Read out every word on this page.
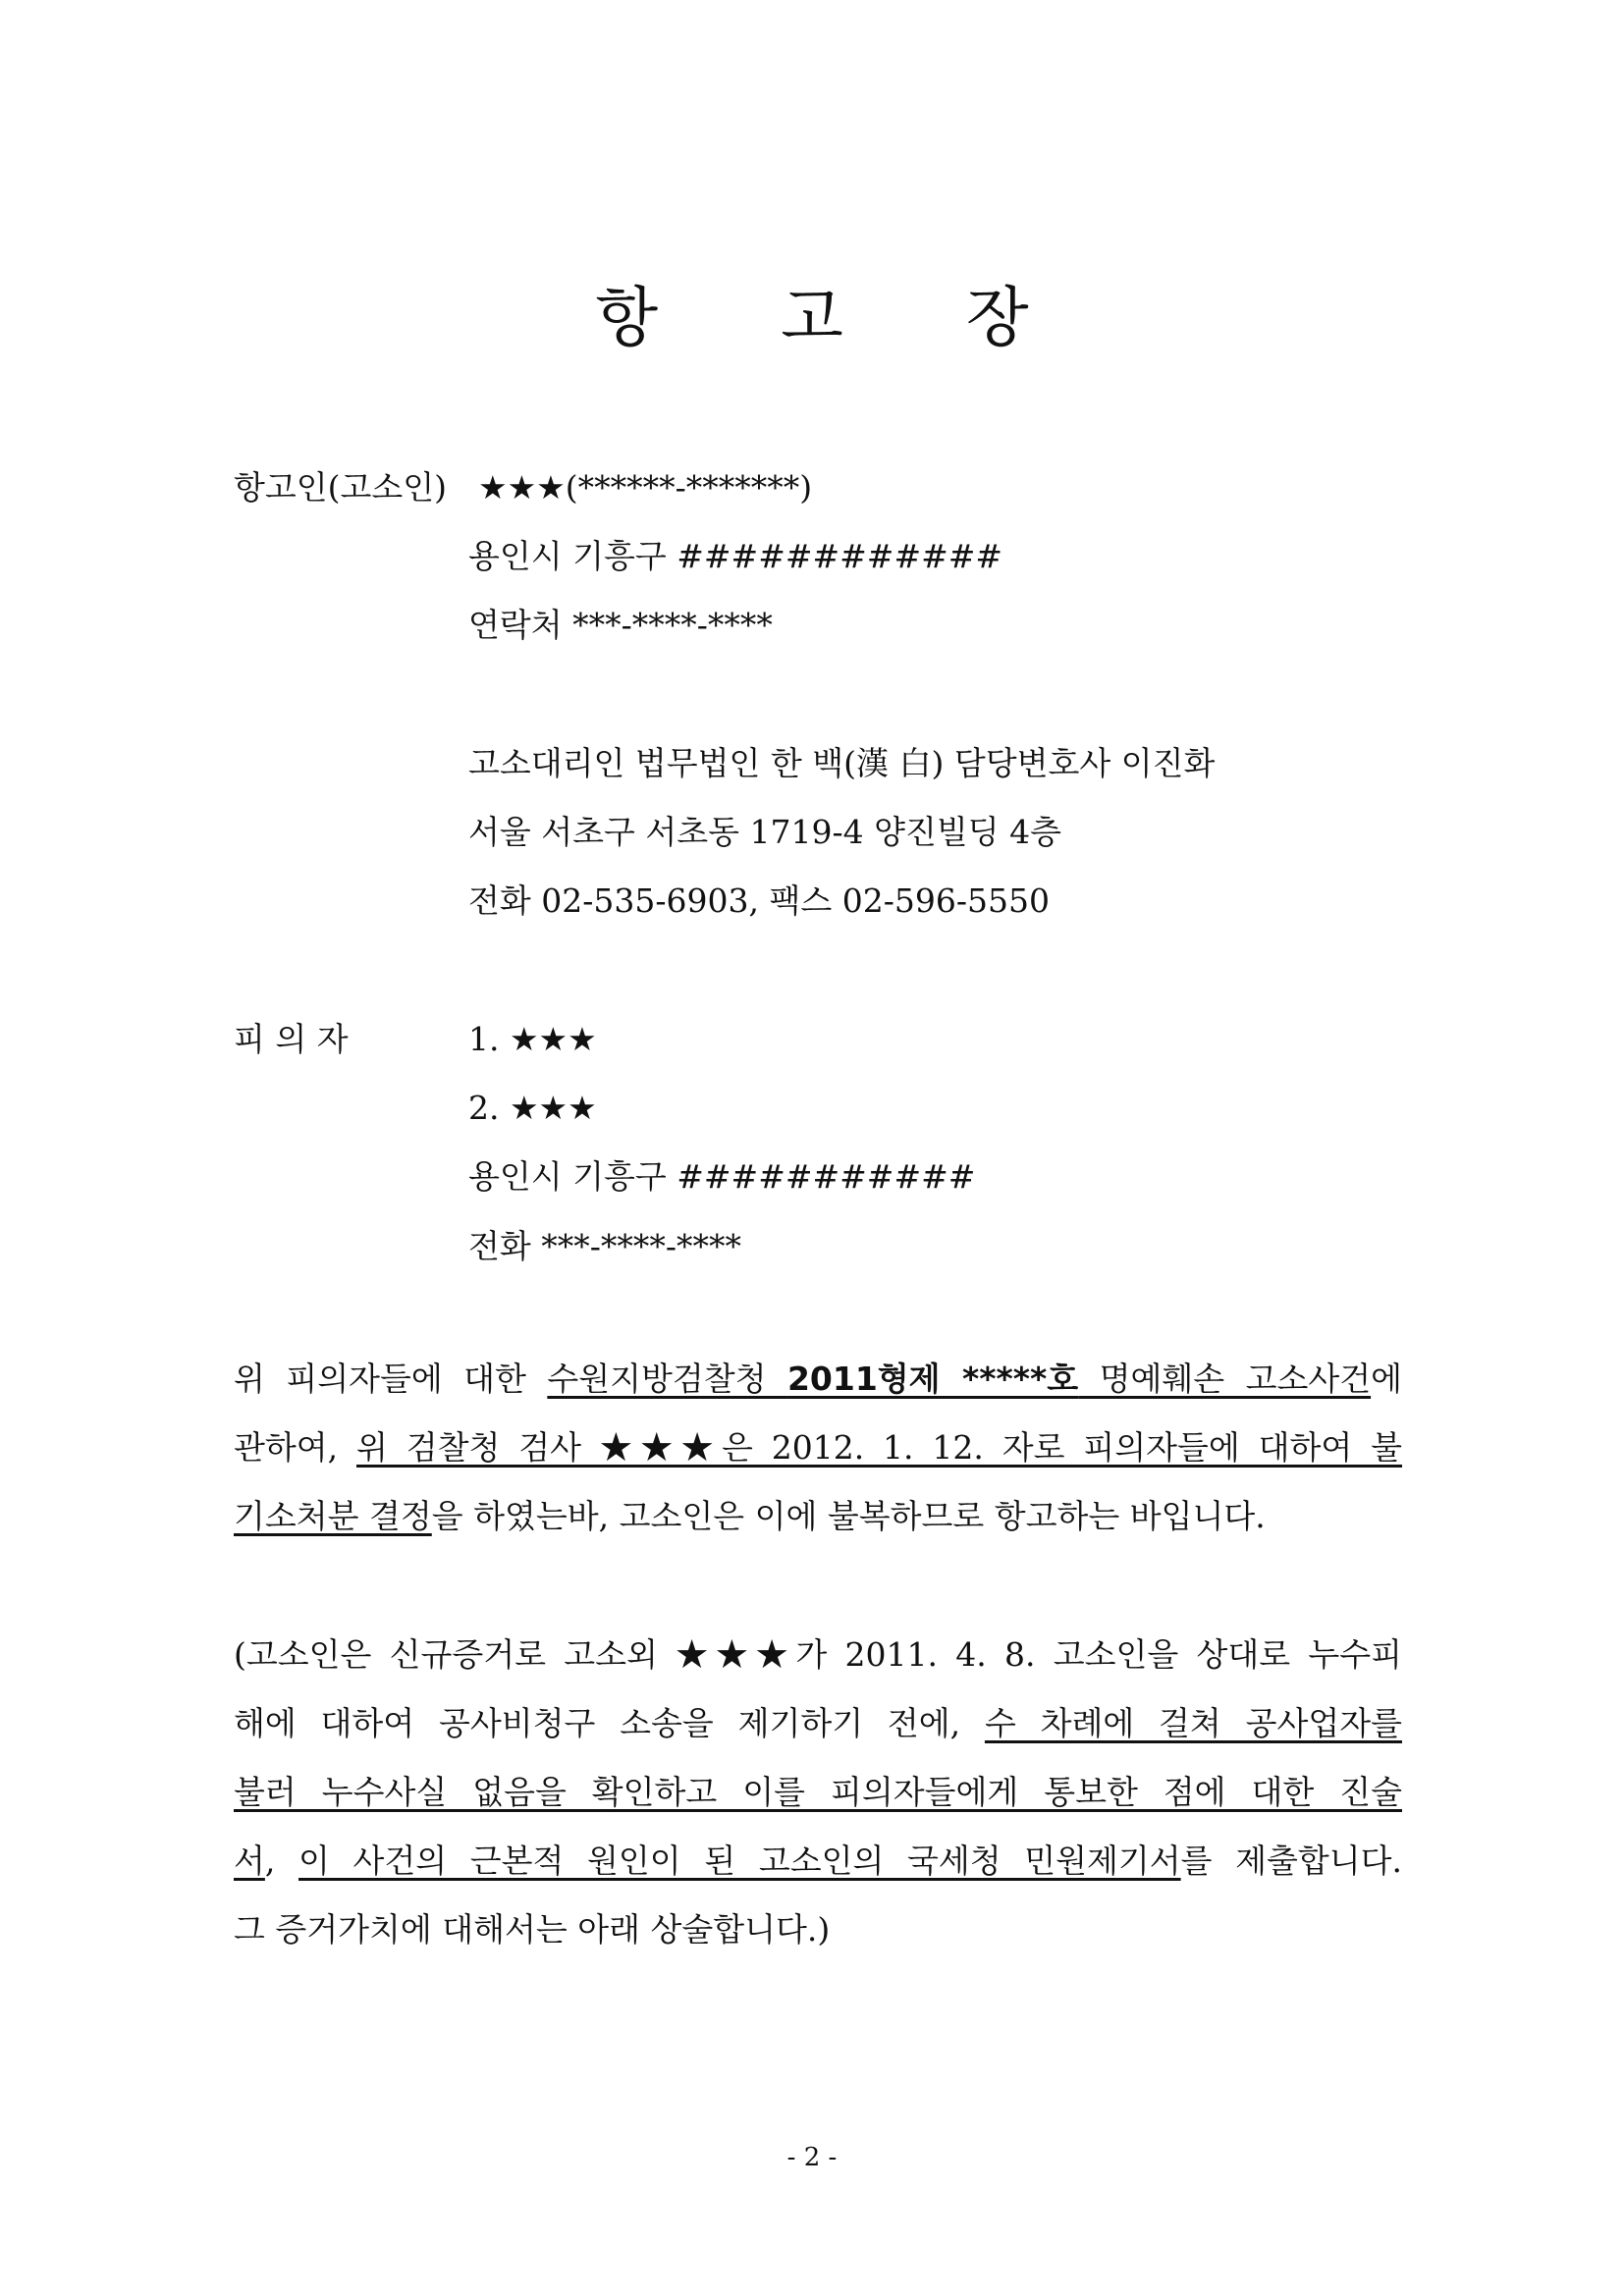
항 고 장
항고인(고소인) ★★★(******-*******)
용인시 기흥구 ############
연락처 ***-****-****
고소대리인 법무법인 한 백(漢 白) 담당변호사 이진화
서울 서초구 서초동 1719-4 양진빌딩 4층
전화 02-535-6903, 팩스 02-596-5550
피 의 자	1. ★★★
2. ★★★
용인시 기흥구 ###########
전화 ***-****-****
위 피의자들에 대한 수원지방검찰청 2011형제 *****호 명예훼손 고소사건에
관하여, 위 검찰청 검사 ★★★은 2012. 1. 12. 자로 피의자들에 대하여 불
기소처분 결정을 하였는바, 고소인은 이에 불복하므로 항고하는 바입니다.
(고소인은 신규증거로 고소외 ★★★가 2011. 4. 8. 고소인을 상대로 누수피
해에 대하여 공사비청구 소송을 제기하기 전에, 수 차례에 걸쳐 공사업자를
불러 누수사실 없음을 확인하고 이를 피의자들에게 통보한 점에 대한 진술
서, 이 사건의 근본적 원인이 된 고소인의 국세청 민원제기서를 제출합니다.
그 증거가치에 대해서는 아래 상술합니다.)
- 2 -
